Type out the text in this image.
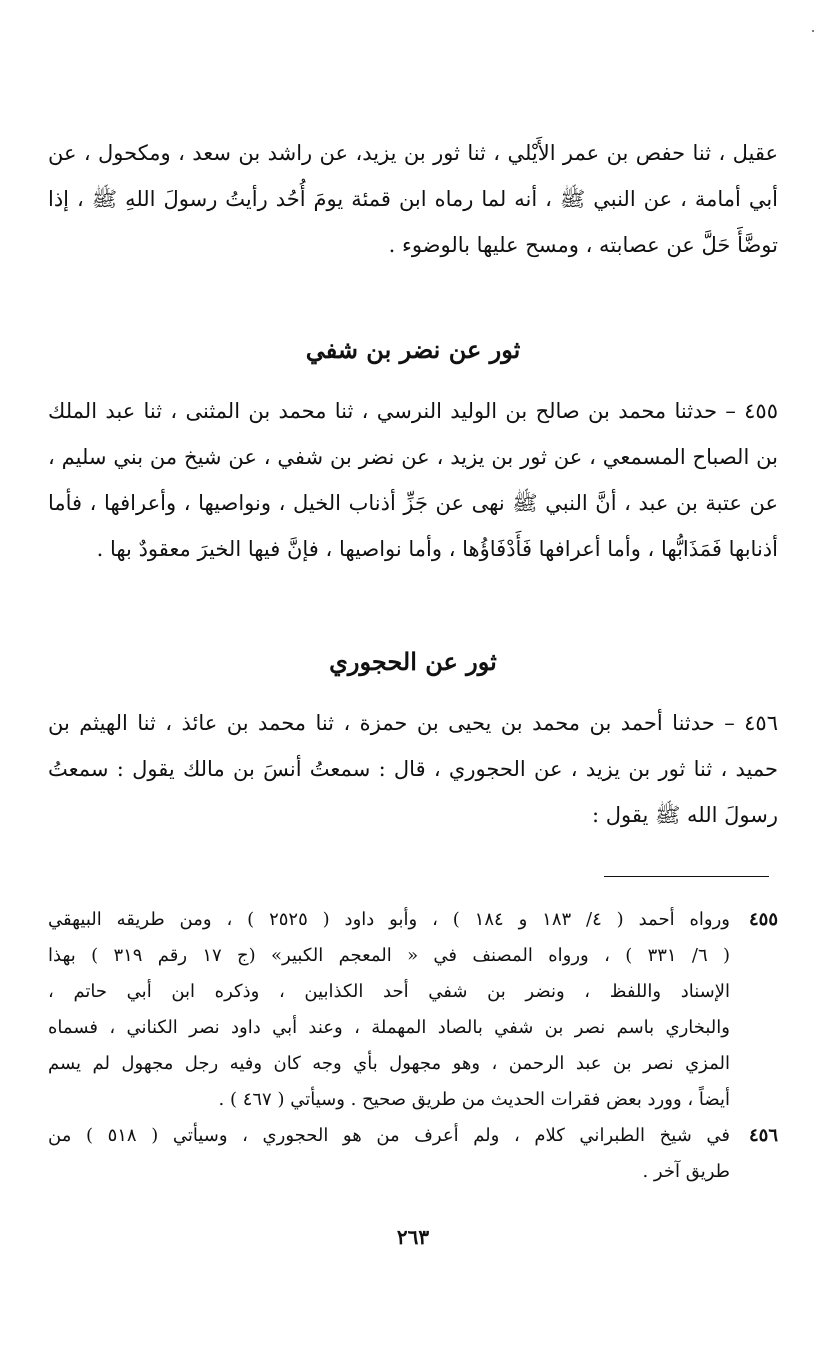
عقيل ، ثنا حفص بن عمر الأَيْلي ، ثنا ثور بن يزيد، عن راشد بن سعد ، ومكحول ، عن
أبي أمامة ، عن النبي ﷺ ، أنه لما رماه ابن قمئة يومَ أُحُد رأيتُ رسولَ اللهِ ﷺ ، إذا
توضَّأَ حَلَّ عن عصابته ، ومسح عليها بالوضوء .
ثور عن نضر بن شفي
٤٥٥ – حدثنا محمد بن صالح بن الوليد النرسي ، ثنا محمد بن المثنى ، ثنا عبد الملك
بن الصباح المسمعي ، عن ثور بن يزيد ، عن نضر بن شفي ، عن شيخ من بني سليم ،
عن عتبة بن عبد ، أنَّ النبي ﷺ نهى عن جَزِّ أذناب الخيل ، ونواصيها ، وأعرافها ، فأما
أذنابها فَمَذَابُّها ، وأما أعرافها فَأَدْفَاؤُها ، وأما نواصيها ، فإنَّ فيها الخيرَ معقودٌ بها .
ثور عن الحجوري
٤٥٦ – حدثنا أحمد بن محمد بن يحيى بن حمزة ، ثنا محمد بن عائذ ، ثنا الهيثم بن
حميد ، ثنا ثور بن يزيد ، عن الحجوري ، قال : سمعتُ أنسَ بن مالك يقول : سمعتُ
رسولَ الله ﷺ يقول :
٤٥٥
ورواه أحمد ( ٤/ ١٨٣ و ١٨٤ ) ، وأبو داود ( ٢٥٢٥ ) ، ومن طريقه البيهقي
( ٦/ ٣٣١ ) ، ورواه المصنف في « المعجم الكبير» (ج ١٧ رقم ٣١٩ ) بهذا
الإسناد واللفظ ، ونضر بن شفي أحد الكذابين ، وذكره ابن أبي حاتم ،
والبخاري باسم نصر بن شفي بالصاد المهملة ، وعند أبي داود نصر الكناني ، فسماه
المزي نصر بن عبد الرحمن ، وهو مجهول بأي وجه كان وفيه رجل مجهول لم يسم
أيضاً ، وورد بعض فقرات الحديث من طريق صحيح . وسيأتي ( ٤٦٧ ) .
٤٥٦
في شيخ الطبراني كلام ، ولم أعرف من هو الحجوري ، وسيأتي ( ٥١٨ ) من
طريق آخر .
٢٦٣
